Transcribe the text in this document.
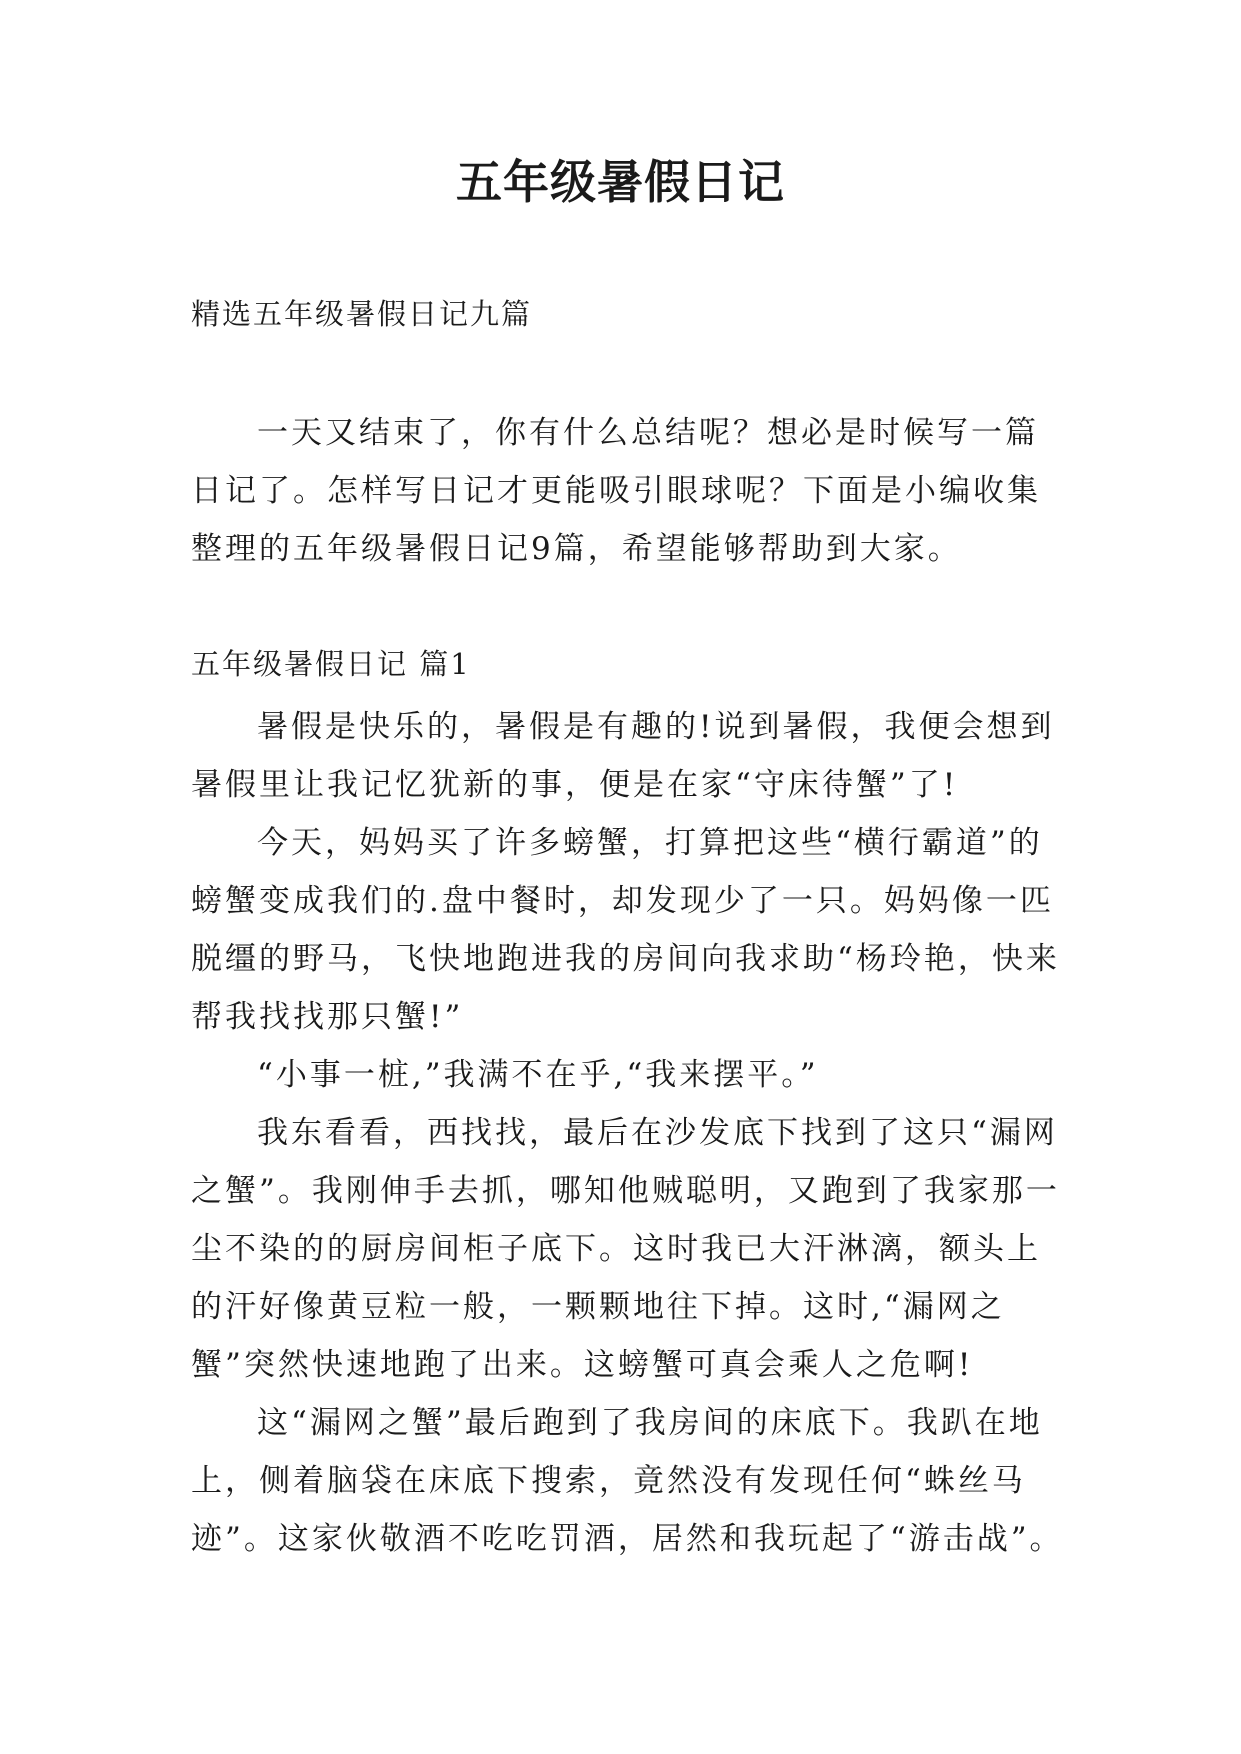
五年级暑假日记

精选五年级暑假日记九篇

一天又结束了，你有什么总结呢？想必是时候写一篇日记了。怎样写日记才更能吸引眼球呢？下面是小编收集整理的五年级暑假日记9篇，希望能够帮助到大家。

五年级暑假日记 篇1

暑假是快乐的，暑假是有趣的!说到暑假，我便会想到暑假里让我记忆犹新的事，便是在家“守床待蟹”了!

今天，妈妈买了许多螃蟹，打算把这些“横行霸道”的螃蟹变成我们的.盘中餐时，却发现少了一只。妈妈像一匹脱缰的野马，飞快地跑进我的房间向我求助“杨玲艳，快来帮我找找那只蟹!”

“小事一桩,”我满不在乎,“我来摆平。”

我东看看，西找找，最后在沙发底下找到了这只“漏网之蟹”。我刚伸手去抓，哪知他贼聪明，又跑到了我家那一尘不染的的厨房间柜子底下。这时我已大汗淋漓，额头上的汗好像黄豆粒一般，一颗颗地往下掉。这时,“漏网之蟹”突然快速地跑了出来。这螃蟹可真会乘人之危啊!

这“漏网之蟹”最后跑到了我房间的床底下。我趴在地上，侧着脑袋在床底下搜索，竟然没有发现任何“蛛丝马迹”。这家伙敬酒不吃吃罚酒，居然和我玩起了“游击战”。
